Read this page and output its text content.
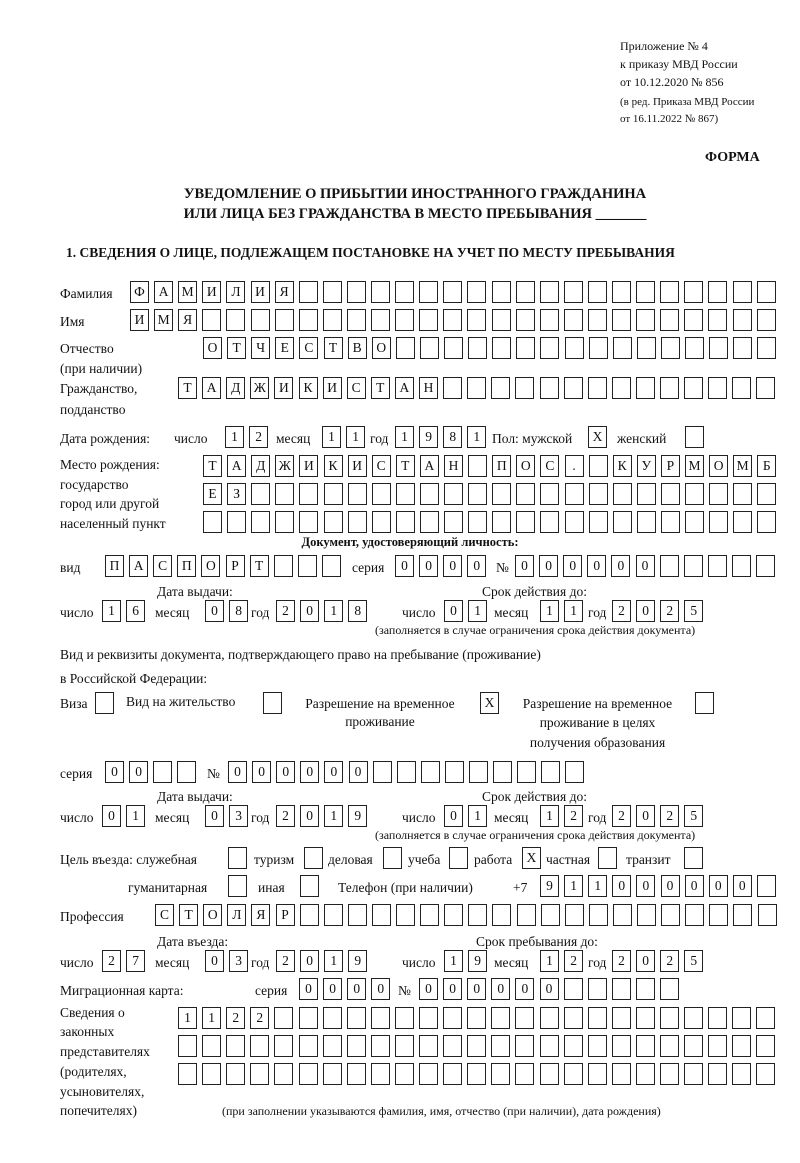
Приложение № 4
к приказу МВД России
от 10.12.2020 № 856
(в ред. Приказа МВД России
от 16.11.2022 № 867)
ФОРМА
УВЕДОМЛЕНИЕ О ПРИБЫТИИ ИНОСТРАННОГО ГРАЖДАНИНА
ИЛИ ЛИЦА БЕЗ ГРАЖДАНСТВА В МЕСТО ПРЕБЫВАНИЯ _______
1. СВЕДЕНИЯ О ЛИЦЕ, ПОДЛЕЖАЩЕМ ПОСТАНОВКЕ НА УЧЕТ ПО МЕСТУ ПРЕБЫВАНИЯ
Фамилия	Ф	А М И	Л	И	Я
Имя	И М	Я
Отчество
(при наличии)
О	Т	Ч	Е	С	Т	В	О
Гражданство,
подданство
Т	А	Д Ж И	К	И	С	Т	А	Н
Дата рождения: число	1	2	месяц	1	1 год 1	9	8	1 Пол: мужской	X	женский
Место рождения:
государство
город или другой
населенный пункт
Т	А	Д Ж И	К	И	С	Т	А	Н	П	О	С	.	К	У	Р	М О М	Б
Е	З
Документ, удостоверяющий личность:
вид	П	А	С	П	О	Р	Т	серия	0	0	0	0	№ 0	0	0	0	0	0
Дата выдачи:	Срок действия до:
число	1	6	месяц	0	8 год 2	0	1	8	число	0	1 месяц	1	1 год 2	0	2	5
(заполняется в случае ограничения срока действия документа)
Вид и реквизиты документа, подтверждающего право на пребывание (проживание)
в Российской Федерации:
Виза	Вид на жительство	Разрешение на временное
проживание
X	Разрешение на временное
проживание в целях
получения образования
серия	0	0	№	0	0	0	0	0	0
Дата выдачи:	Срок действия до:
число	0	1	месяц	0	3 год 2	0	1	9	число	0	1 месяц	1	2 год 2	0	2	5
(заполняется в случае ограничения срока действия документа)
Цель въезда: служебная	туризм	деловая	учеба работа	X частная	транзит
гуманитарная	иная	Телефон (при наличии)	+7	9	1	1	0	0	0	0	0	0
Профессия	С	Т	О	Л	Я	Р
Дата въезда:	Срок пребывания до:
число	2	7	месяц	0	3 год 2	0	1	9	число	1	9 месяц	1	2 год 2	0	2	5
Миграционная карта:	серия	0	0	0	0	№	0	0	0	0	0	0
Сведения о
законных
представителях
(родителях,
усыновителях,
попечителях)
1	1	2	2
(при заполнении указываются фамилия, имя, отчество (при наличии), дата рождения)
